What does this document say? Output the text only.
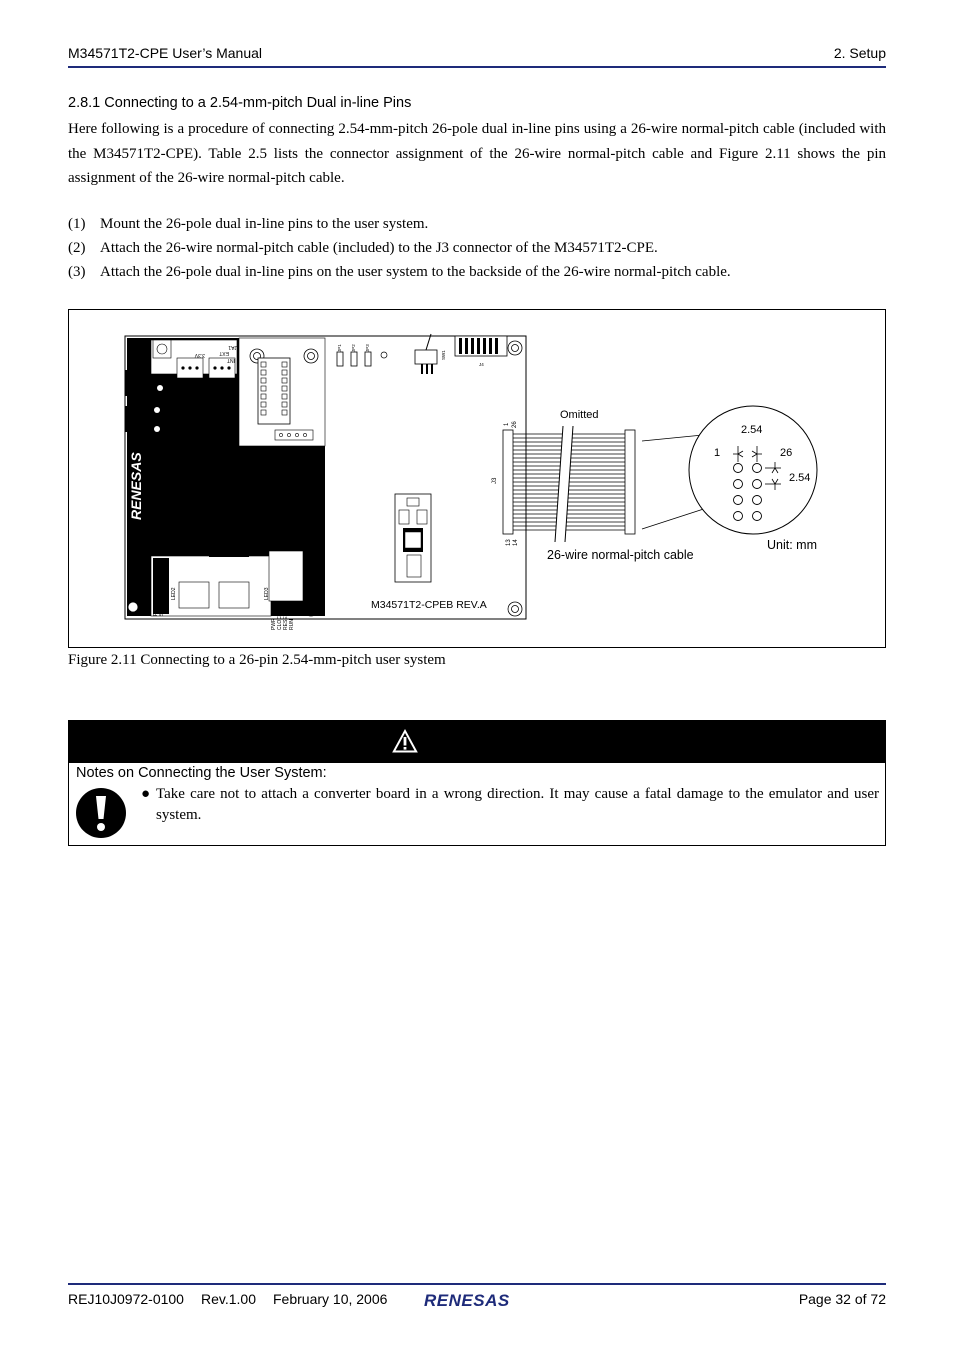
M34571T2-CPE User’s Manual	2. Setup
2.8.1 Connecting to a 2.54-mm-pitch Dual in-line Pins

Here following is a procedure of connecting 2.54-mm-pitch 26-pole dual in-line pins using a 26-wire normal-pitch cable (included with the M34571T2-CPE). Table 2.5 lists the connector assignment of the 26-wire normal-pitch cable and Figure 2.11 shows the pin assignment of the 26-wire normal-pitch cable.

(1) Mount the 26-pole dual in-line pins to the user system.
(2) Attach the 26-wire normal-pitch cable (included) to the J3 connector of the M34571T2-CPE.
(3) Attach the 26-pole dual in-line pins on the user system to the backside of the 26-wire normal-pitch cable.
JA1
RENESAS
LED1 POWER SAFE
LED2
PWR CLOCK RESET RUN
LED3	LED4
EXT
INT
3.3V
JP1 JP2 JP3
SW1
J4
M34571T2-CPEB REV.A
J3
1 26
13 14
Omitted
26-wire normal-pitch cable
2.54
2.54
1	26
Unit: mm
Figure 2.11 Connecting to a 26-pin 2.54-mm-pitch user system
Notes on Connecting the User System:
● Take care not to attach a converter board in a wrong direction. It may cause a fatal damage to the emulator and user system.

REJ10J0972-0100 Rev.1.00 February 10, 2006 RENESAS	Page 32 of 72
